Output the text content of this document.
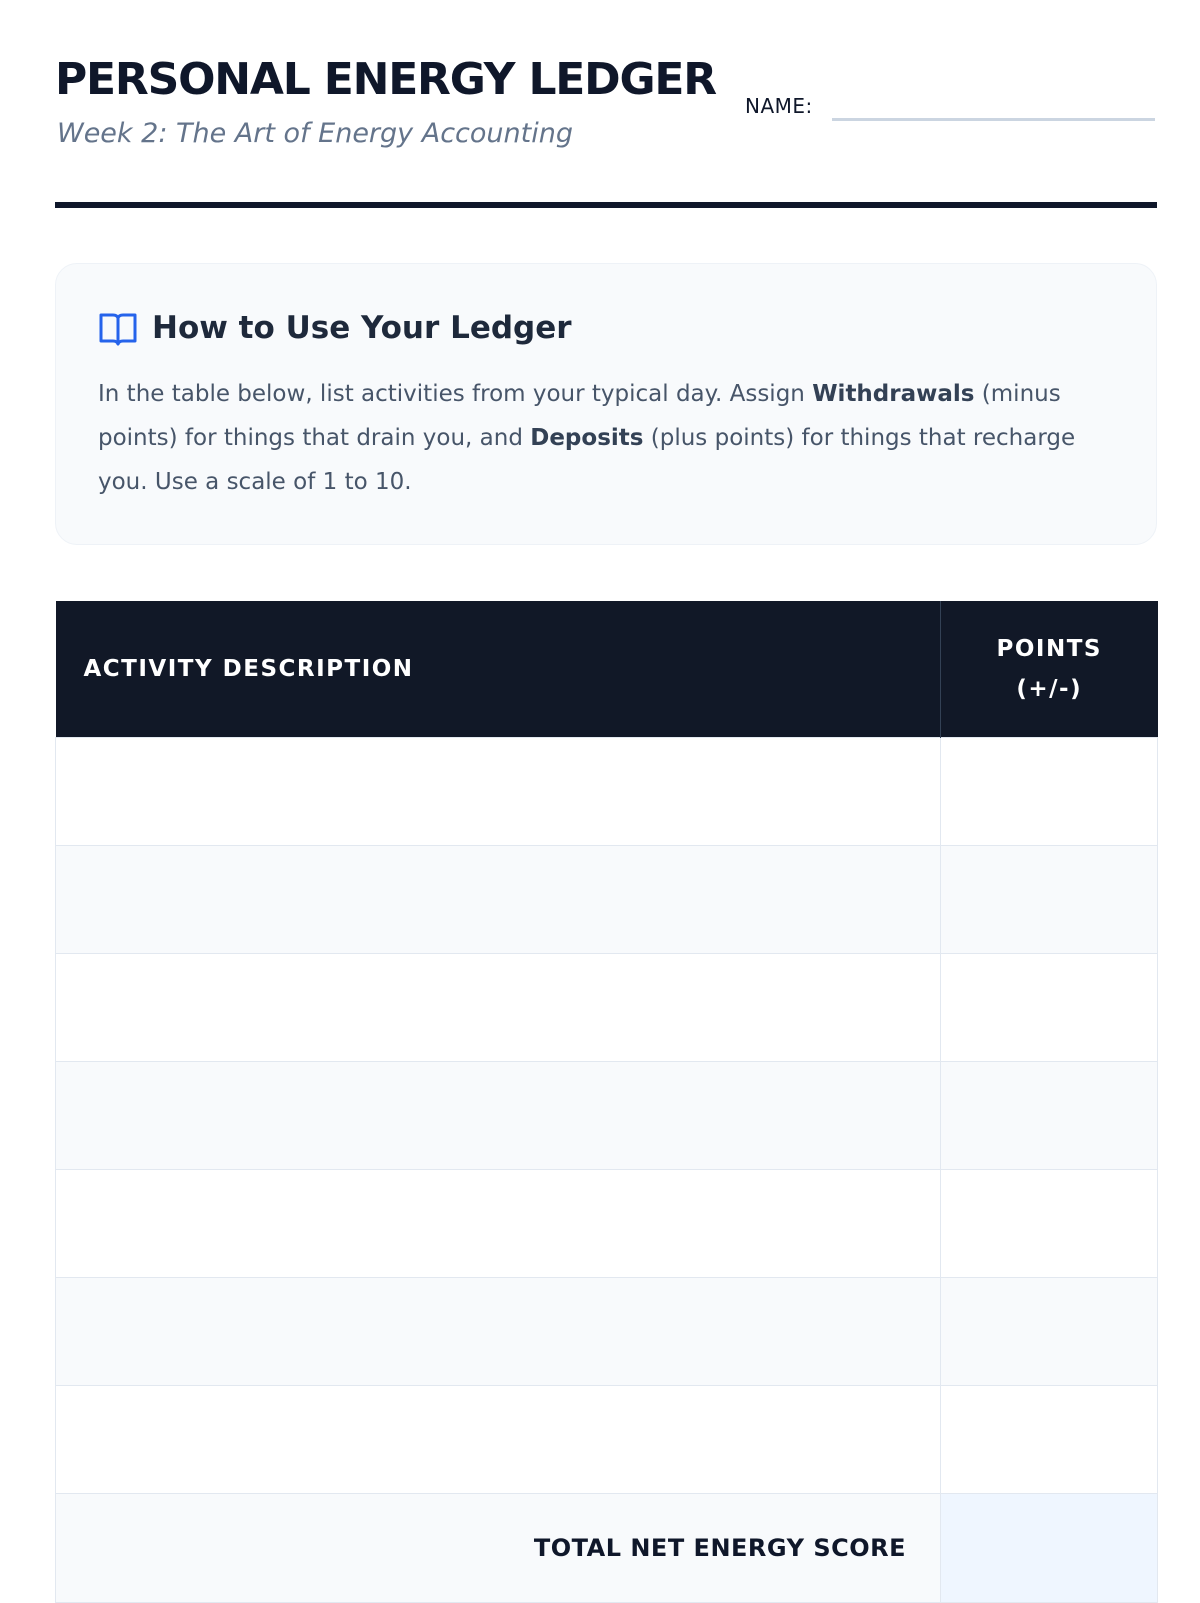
PERSONAL ENERGY LEDGER

Week 2: The Art of Energy Accounting

NAME:
How to Use Your Ledger

In the table below, list activities from your typical day. Assign Withdrawals (minus points) for things that drain you, and Deposits (plus points) for things that recharge you. Use a scale of 1 to 10.

ACTIVITY DESCRIPTION	POINTS
(+/-)

TOTAL NET ENERGY SCORE	
